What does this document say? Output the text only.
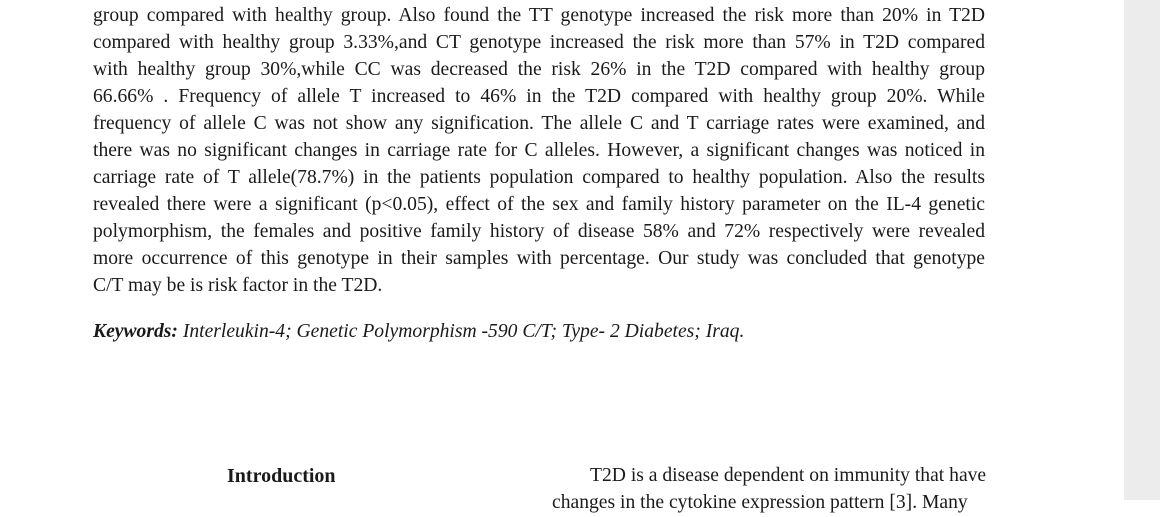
group compared with healthy group. Also found the TT genotype increased the risk more than 20% in T2D
compared with healthy group 3.33%,and CT genotype increased the risk more than 57% in T2D compared
with healthy group 30%,while CC was decreased the risk 26% in the T2D compared with healthy group
66.66% . Frequency of allele T increased to 46% in the T2D compared with healthy group 20%. While
frequency of allele C was not show any signification. The allele C and T carriage rates were examined, and
there was no significant changes in carriage rate for C alleles. However, a significant changes was noticed in
carriage rate of T allele(78.7%) in the patients population compared to healthy population. Also the results
revealed there were a significant (p<0.05), effect of the sex and family history parameter on the IL-4 genetic
polymorphism, the females and positive family history of disease 58% and 72% respectively were revealed
more occurrence of this genotype in their samples with percentage. Our study was concluded that genotype
C/T may be is risk factor in the T2D.
Keywords: Interleukin-4; Genetic Polymorphism -590 C/T; Type- 2 Diabetes; Iraq.
Introduction	T2D is a disease dependent on immunity that have
changes in the cytokine expression pattern [3]. Many
